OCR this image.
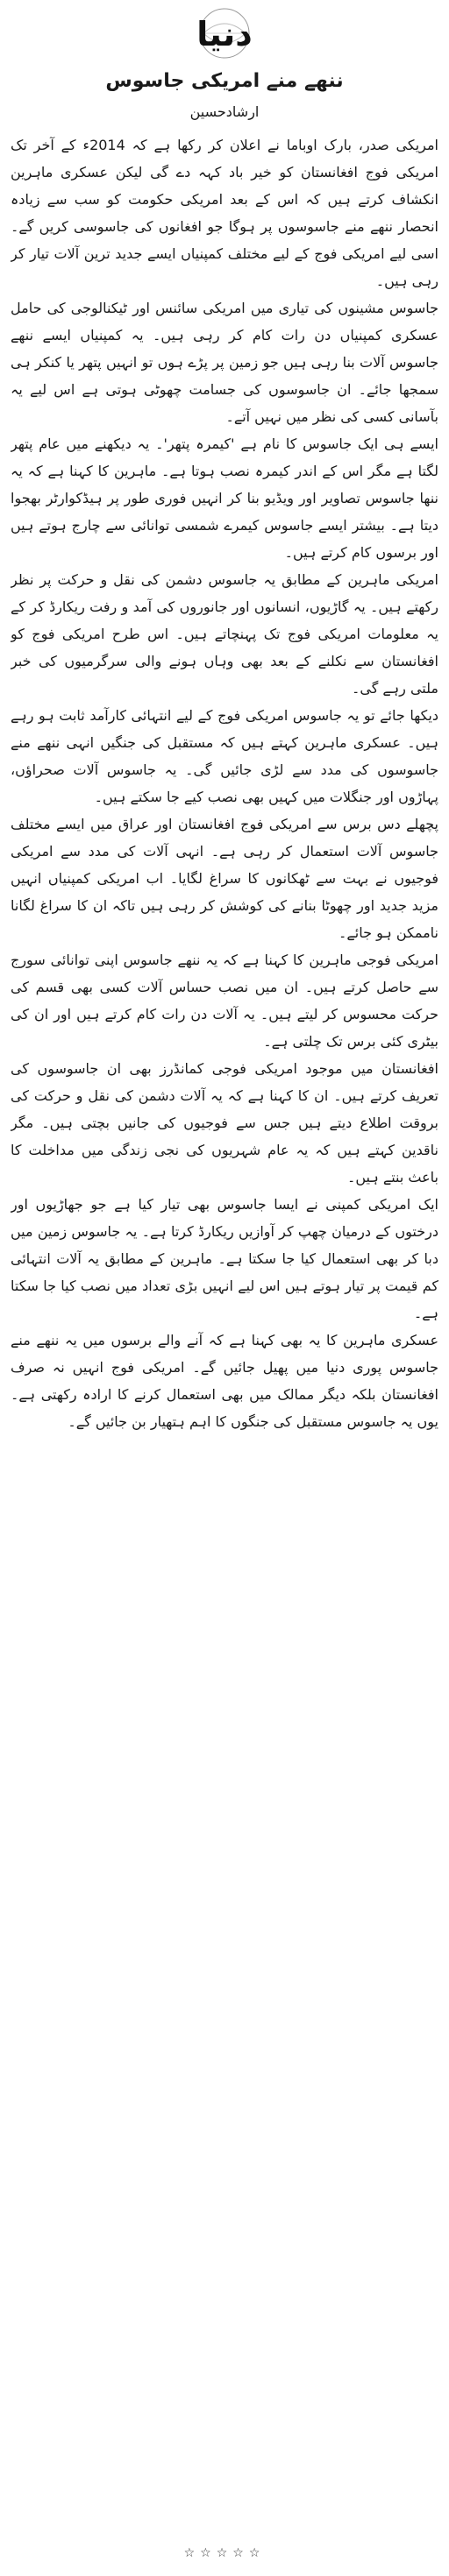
دنیا
ننھے منے امریکی جاسوس
ارشادحسین

امریکی صدر، بارک اوباما نے اعلان کر رکھا ہے کہ 2014ء کے آخر تک امریکی فوج افغانستان کو خیر باد کہہ دے گی لیکن عسکری ماہرین انکشاف کرتے ہیں کہ اس کے بعد امریکی حکومت کو سب سے زیادہ انحصار ننھے منے جاسوسوں پر ہوگا جو افغانوں کی جاسوسی کریں گے۔ اسی لیے امریکی فوج کے لیے مختلف کمپنیاں ایسے جدید ترین آلات تیار کر رہی ہیں۔

جاسوس مشینوں کی تیاری میں امریکی سائنس اور ٹیکنالوجی کی حامل عسکری کمپنیاں دن رات کام کر رہی ہیں۔ یہ کمپنیاں ایسے ننھے جاسوس آلات بنا رہی ہیں جو زمین پر پڑے ہوں تو انہیں پتھر یا کنکر ہی سمجھا جائے۔ ان جاسوسوں کی جسامت چھوٹی ہوتی ہے اس لیے یہ بآسانی کسی کی نظر میں نہیں آتے۔

ایسے ہی ایک جاسوس کا نام ہے 'کیمرہ پتھر'۔ یہ دیکھنے میں عام پتھر لگتا ہے مگر اس کے اندر کیمرہ نصب ہوتا ہے۔ ماہرین کا کہنا ہے کہ یہ ننھا جاسوس تصاویر اور ویڈیو بنا کر انہیں فوری طور پر ہیڈکوارٹر بھجوا دیتا ہے۔ بیشتر ایسے جاسوس کیمرے شمسی توانائی سے چارج ہوتے ہیں اور برسوں کام کرتے ہیں۔

امریکی ماہرین کے مطابق یہ جاسوس دشمن کی نقل و حرکت پر نظر رکھتے ہیں۔ یہ گاڑیوں، انسانوں اور جانوروں کی آمد و رفت ریکارڈ کر کے یہ معلومات امریکی فوج تک پہنچاتے ہیں۔ اس طرح امریکی فوج کو افغانستان سے نکلنے کے بعد بھی وہاں ہونے والی سرگرمیوں کی خبر ملتی رہے گی۔

دیکھا جائے تو یہ جاسوس امریکی فوج کے لیے انتہائی کارآمد ثابت ہو رہے ہیں۔ عسکری ماہرین کہتے ہیں کہ مستقبل کی جنگیں انہی ننھے منے جاسوسوں کی مدد سے لڑی جائیں گی۔ یہ جاسوس آلات صحراؤں، پہاڑوں اور جنگلات میں کہیں بھی نصب کیے جا سکتے ہیں۔

پچھلے دس برس سے امریکی فوج افغانستان اور عراق میں ایسے مختلف جاسوس آلات استعمال کر رہی ہے۔ انہی آلات کی مدد سے امریکی فوجیوں نے بہت سے ٹھکانوں کا سراغ لگایا۔ اب امریکی کمپنیاں انہیں مزید جدید اور چھوٹا بنانے کی کوشش کر رہی ہیں تاکہ ان کا سراغ لگانا ناممکن ہو جائے۔

امریکی فوجی ماہرین کا کہنا ہے کہ یہ ننھے جاسوس اپنی توانائی سورج سے حاصل کرتے ہیں۔ ان میں نصب حساس آلات کسی بھی قسم کی حرکت محسوس کر لیتے ہیں۔ یہ آلات دن رات کام کرتے ہیں اور ان کی بیٹری کئی برس تک چلتی ہے۔

افغانستان میں موجود امریکی فوجی کمانڈرز بھی ان جاسوسوں کی تعریف کرتے ہیں۔ ان کا کہنا ہے کہ یہ آلات دشمن کی نقل و حرکت کی بروقت اطلاع دیتے ہیں جس سے فوجیوں کی جانیں بچتی ہیں۔ مگر ناقدین کہتے ہیں کہ یہ عام شہریوں کی نجی زندگی میں مداخلت کا باعث بنتے ہیں۔

ایک امریکی کمپنی نے ایسا جاسوس بھی تیار کیا ہے جو جھاڑیوں اور درختوں کے درمیان چھپ کر آوازیں ریکارڈ کرتا ہے۔ یہ جاسوس زمین میں دبا کر بھی استعمال کیا جا سکتا ہے۔ ماہرین کے مطابق یہ آلات انتہائی کم قیمت پر تیار ہوتے ہیں اس لیے انہیں بڑی تعداد میں نصب کیا جا سکتا ہے۔

عسکری ماہرین کا یہ بھی کہنا ہے کہ آنے والے برسوں میں یہ ننھے منے جاسوس پوری دنیا میں پھیل جائیں گے۔ امریکی فوج انہیں نہ صرف افغانستان بلکہ دیگر ممالک میں بھی استعمال کرنے کا ارادہ رکھتی ہے۔ یوں یہ جاسوس مستقبل کی جنگوں کا اہم ہتھیار بن جائیں گے۔

☆☆☆☆☆
